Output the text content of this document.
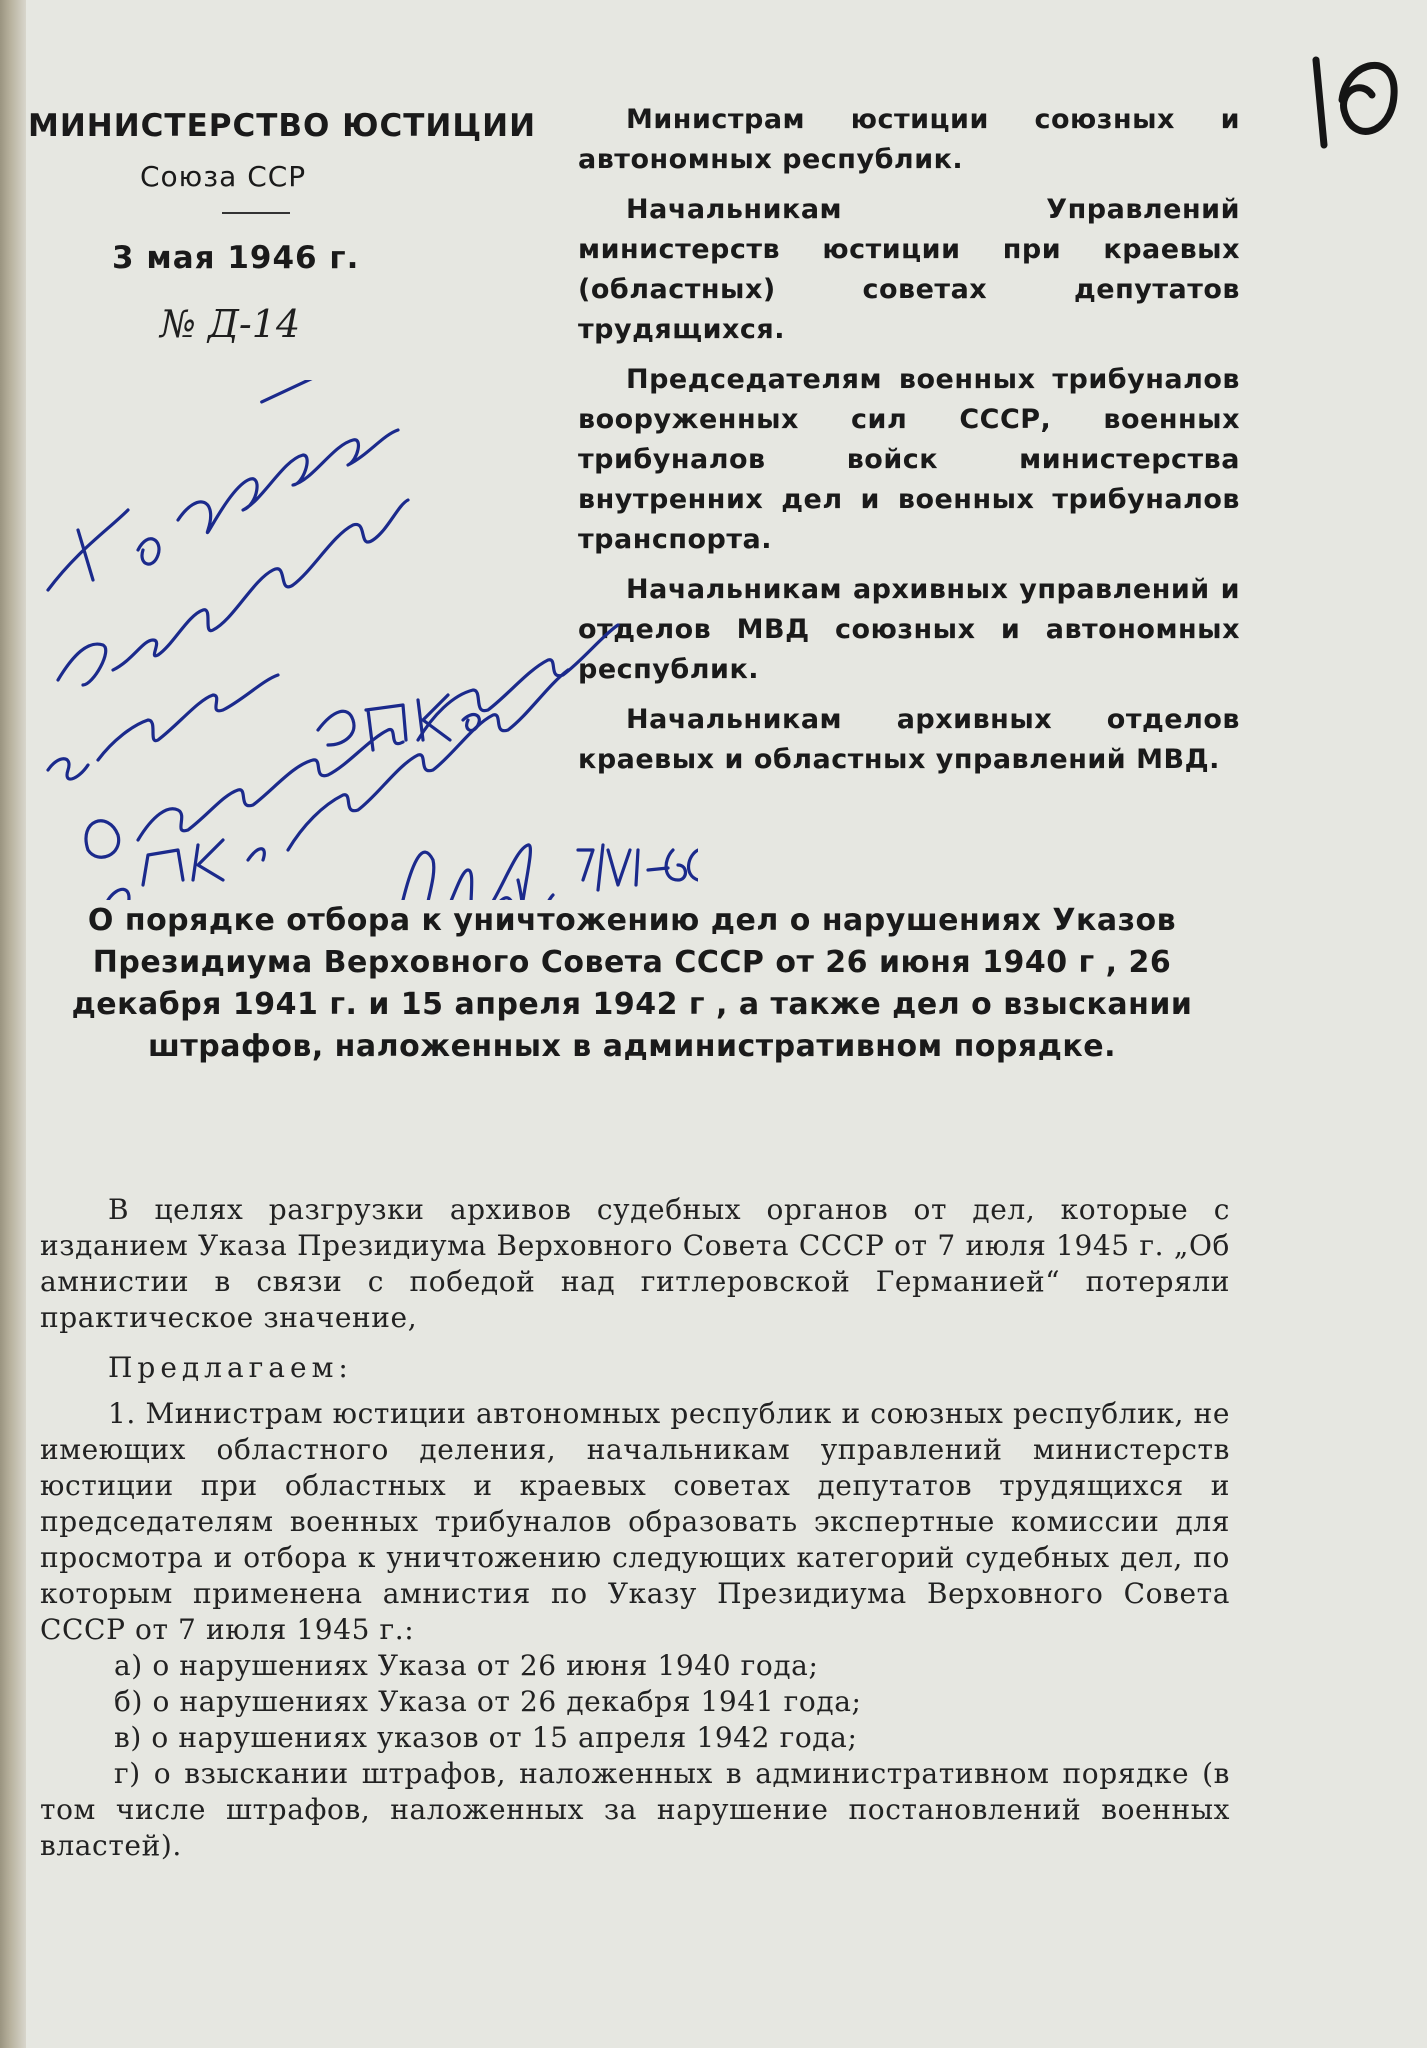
МИНИСТЕРСТВО ЮСТИЦИИ
Союза ССР
3 мая 1946 г.
№ Д-14

Министрам юстиции союзных и автономных республик.

Начальникам Управлений министерств юстиции при краевых (областных) советах депутатов трудящихся.

Председателям военных трибуналов вооруженных сил СССР, военных трибуналов войск министерства внутренних дел и военных трибуналов транспорта.

Начальникам архивных управлений и отделов МВД союзных и автономных республик.

Начальникам архивных отделов краевых и областных управлений МВД.

О порядке отбора к уничтожению дел о нарушениях Указов Президиума Верховного Совета СССР от 26 июня 1940 г , 26 декабря 1941 г. и 15 апреля 1942 г , а также дел о взыскании штрафов, наложенных в административном порядке.

В целях разгрузки архивов судебных органов от дел, которые с изданием Указа Президиума Верховного Совета СССР от 7 июля 1945 г. „Об амнистии в связи с победой над гитлеровской Германией“ потеряли практическое значение,

Предлагаем:

1. Министрам юстиции автономных республик и союзных республик, не имеющих областного деления, начальникам управлений министерств юстиции при областных и краевых советах депутатов трудящихся и председателям военных трибуналов образовать экспертные комиссии для просмотра и отбора к уничтожению следующих категорий судебных дел, по которым применена амнистия по Указу Президиума Верховного Совета СССР от 7 июля 1945 г.:

а) о нарушениях Указа от 26 июня 1940 года;

б) о нарушениях Указа от 26 декабря 1941 года;

в) о нарушениях указов от 15 апреля 1942 года;

г) о взыскании штрафов, наложенных в административном порядке (в том числе штрафов, наложенных за нарушение постановлений военных властей).
